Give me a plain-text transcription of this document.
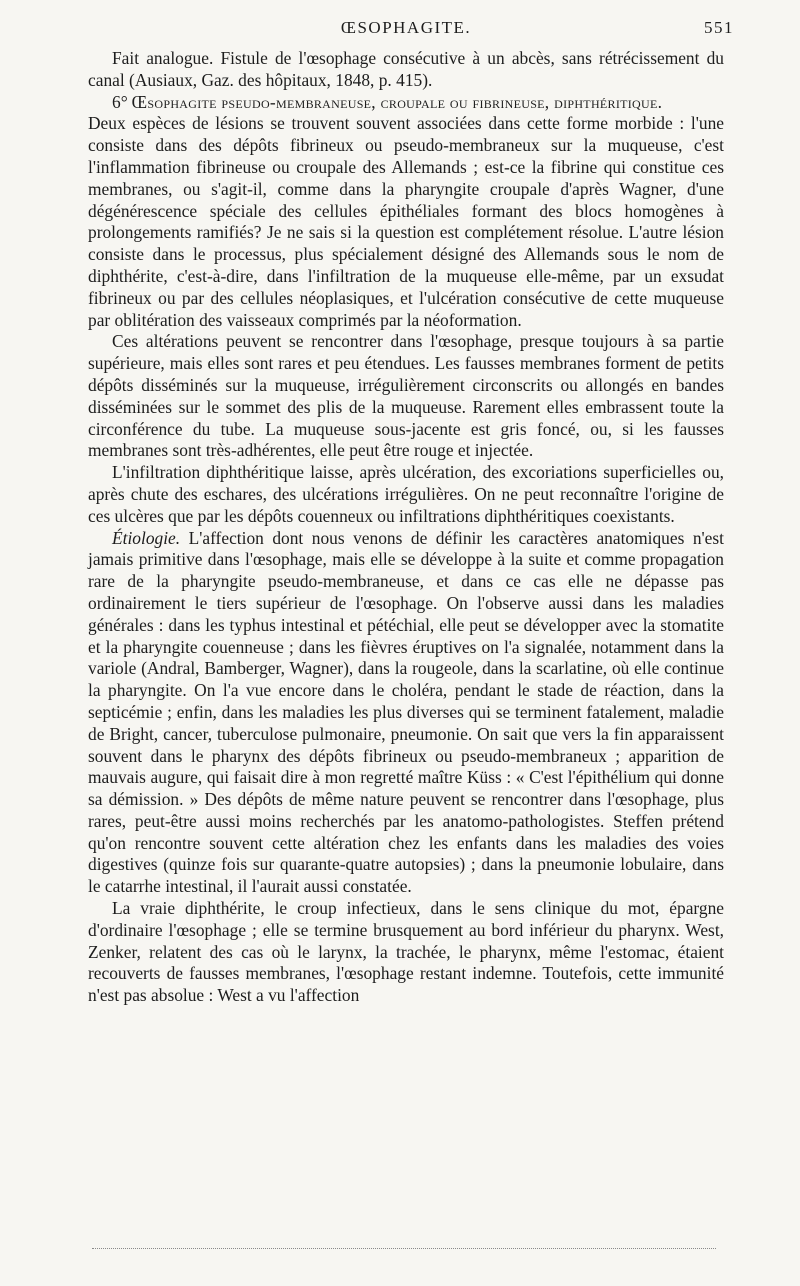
ŒSOPHAGITE.	551

Fait analogue. Fistule de l'œsophage consécutive à un abcès, sans rétrécissement du canal (Ausiaux, Gaz. des hôpitaux, 1848, p. 415).

6° Œsophagite pseudo-membraneuse, croupale ou fibrineuse, diphthéritique.

Deux espèces de lésions se trouvent souvent associées dans cette forme morbide : l'une consiste dans des dépôts fibrineux ou pseudo-membraneux sur la muqueuse, c'est l'inflammation fibrineuse ou croupale des Allemands ; est-ce la fibrine qui constitue ces membranes, ou s'agit-il, comme dans la pharyngite croupale d'après Wagner, d'une dégénérescence spéciale des cellules épithéliales formant des blocs homogènes à prolongements ramifiés? Je ne sais si la question est complétement résolue. L'autre lésion consiste dans le processus, plus spécialement désigné des Allemands sous le nom de diphthérite, c'est-à-dire, dans l'infiltration de la muqueuse elle-même, par un exsudat fibrineux ou par des cellules néoplasiques, et l'ulcération consécutive de cette muqueuse par oblitération des vaisseaux comprimés par la néoformation.

Ces altérations peuvent se rencontrer dans l'œsophage, presque toujours à sa partie supérieure, mais elles sont rares et peu étendues. Les fausses membranes forment de petits dépôts disséminés sur la muqueuse, irrégulièrement circonscrits ou allongés en bandes disséminées sur le sommet des plis de la muqueuse. Rarement elles embrassent toute la circonférence du tube. La muqueuse sous-jacente est gris foncé, ou, si les fausses membranes sont très-adhérentes, elle peut être rouge et injectée.

L'infiltration diphthéritique laisse, après ulcération, des excoriations superficielles ou, après chute des eschares, des ulcérations irrégulières. On ne peut reconnaître l'origine de ces ulcères que par les dépôts couenneux ou infiltrations diphthéritiques coexistants.

Étiologie. L'affection dont nous venons de définir les caractères anatomiques n'est jamais primitive dans l'œsophage, mais elle se développe à la suite et comme propagation rare de la pharyngite pseudo-membraneuse, et dans ce cas elle ne dépasse pas ordinairement le tiers supérieur de l'œsophage. On l'observe aussi dans les maladies générales : dans les typhus intestinal et pétéchial, elle peut se développer avec la stomatite et la pharyngite couenneuse ; dans les fièvres éruptives on l'a signalée, notamment dans la variole (Andral, Bamberger, Wagner), dans la rougeole, dans la scarlatine, où elle continue la pharyngite. On l'a vue encore dans le choléra, pendant le stade de réaction, dans la septicémie ; enfin, dans les maladies les plus diverses qui se terminent fatalement, maladie de Bright, cancer, tuberculose pulmonaire, pneumonie. On sait que vers la fin apparaissent souvent dans le pharynx des dépôts fibrineux ou pseudo-membraneux ; apparition de mauvais augure, qui faisait dire à mon regretté maître Küss : « C'est l'épithélium qui donne sa démission. » Des dépôts de même nature peuvent se rencontrer dans l'œsophage, plus rares, peut-être aussi moins recherchés par les anatomo-pathologistes. Steffen prétend qu'on rencontre souvent cette altération chez les enfants dans les maladies des voies digestives (quinze fois sur quarante-quatre autopsies) ; dans la pneumonie lobulaire, dans le catarrhe intestinal, il l'aurait aussi constatée.

La vraie diphthérite, le croup infectieux, dans le sens clinique du mot, épargne d'ordinaire l'œsophage ; elle se termine brusquement au bord inférieur du pharynx. West, Zenker, relatent des cas où le larynx, la trachée, le pharynx, même l'estomac, étaient recouverts de fausses membranes, l'œsophage restant indemne. Toutefois, cette immunité n'est pas absolue : West a vu l'affection
